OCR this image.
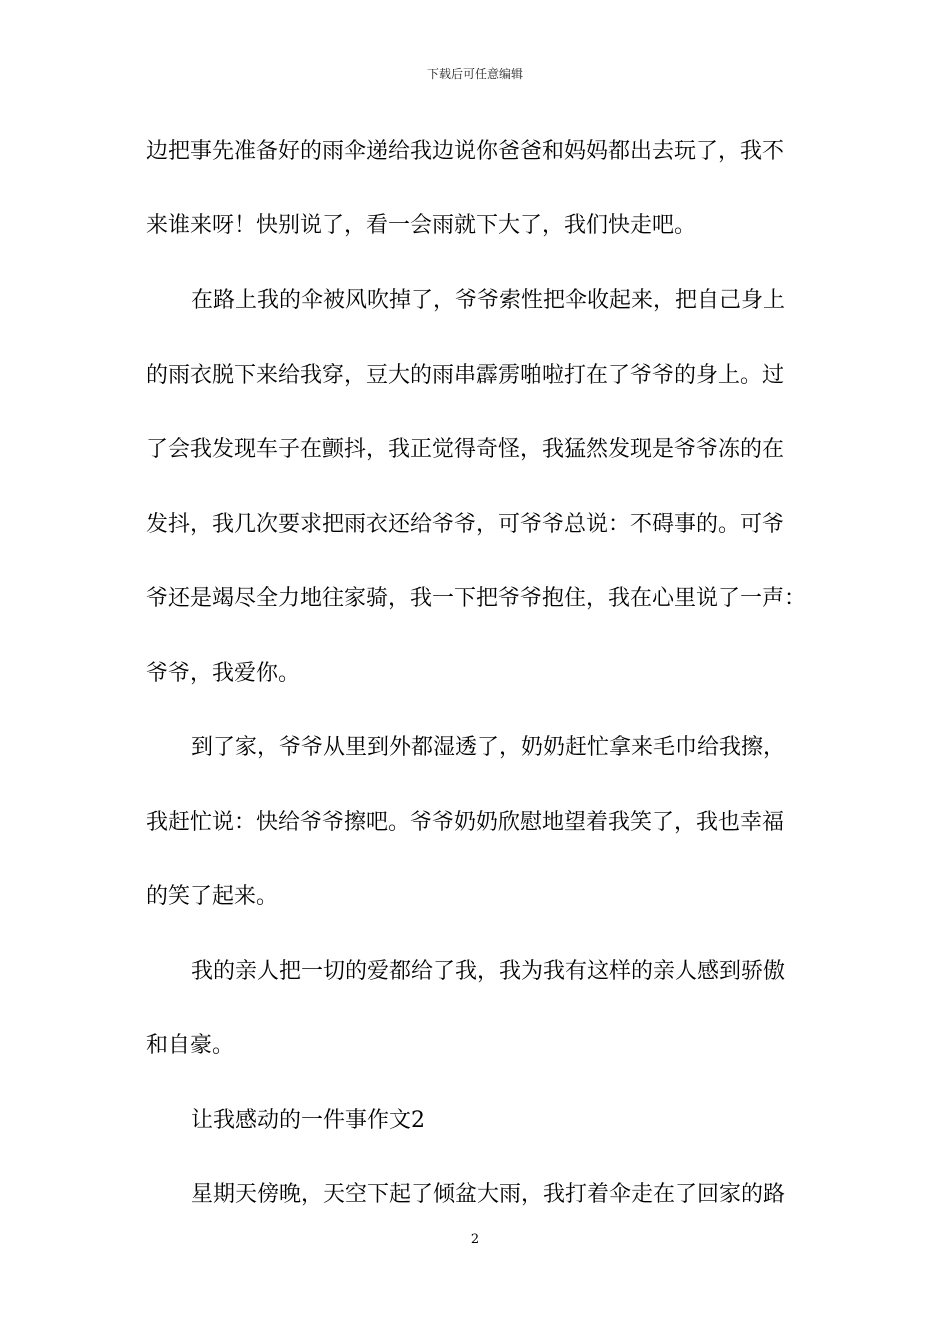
下载后可任意编辑
边把事先准备好的雨伞递给我边说你爸爸和妈妈都出去玩了，我不
来谁来呀！快别说了，看一会雨就下大了，我们快走吧。
在路上我的伞被风吹掉了，爷爷索性把伞收起来，把自己身上
的雨衣脱下来给我穿，豆大的雨串霹雳啪啦打在了爷爷的身上。过
了会我发现车子在颤抖，我正觉得奇怪，我猛然发现是爷爷冻的在
发抖，我几次要求把雨衣还给爷爷，可爷爷总说：不碍事的。可爷
爷还是竭尽全力地往家骑，我一下把爷爷抱住，我在心里说了一声：
爷爷，我爱你。
到了家，爷爷从里到外都湿透了，奶奶赶忙拿来毛巾给我擦，
我赶忙说：快给爷爷擦吧。爷爷奶奶欣慰地望着我笑了，我也幸福
的笑了起来。
我的亲人把一切的爱都给了我，我为我有这样的亲人感到骄傲
和自豪。
让我感动的一件事作文2
星期天傍晚，天空下起了倾盆大雨，我打着伞走在了回家的路
2
